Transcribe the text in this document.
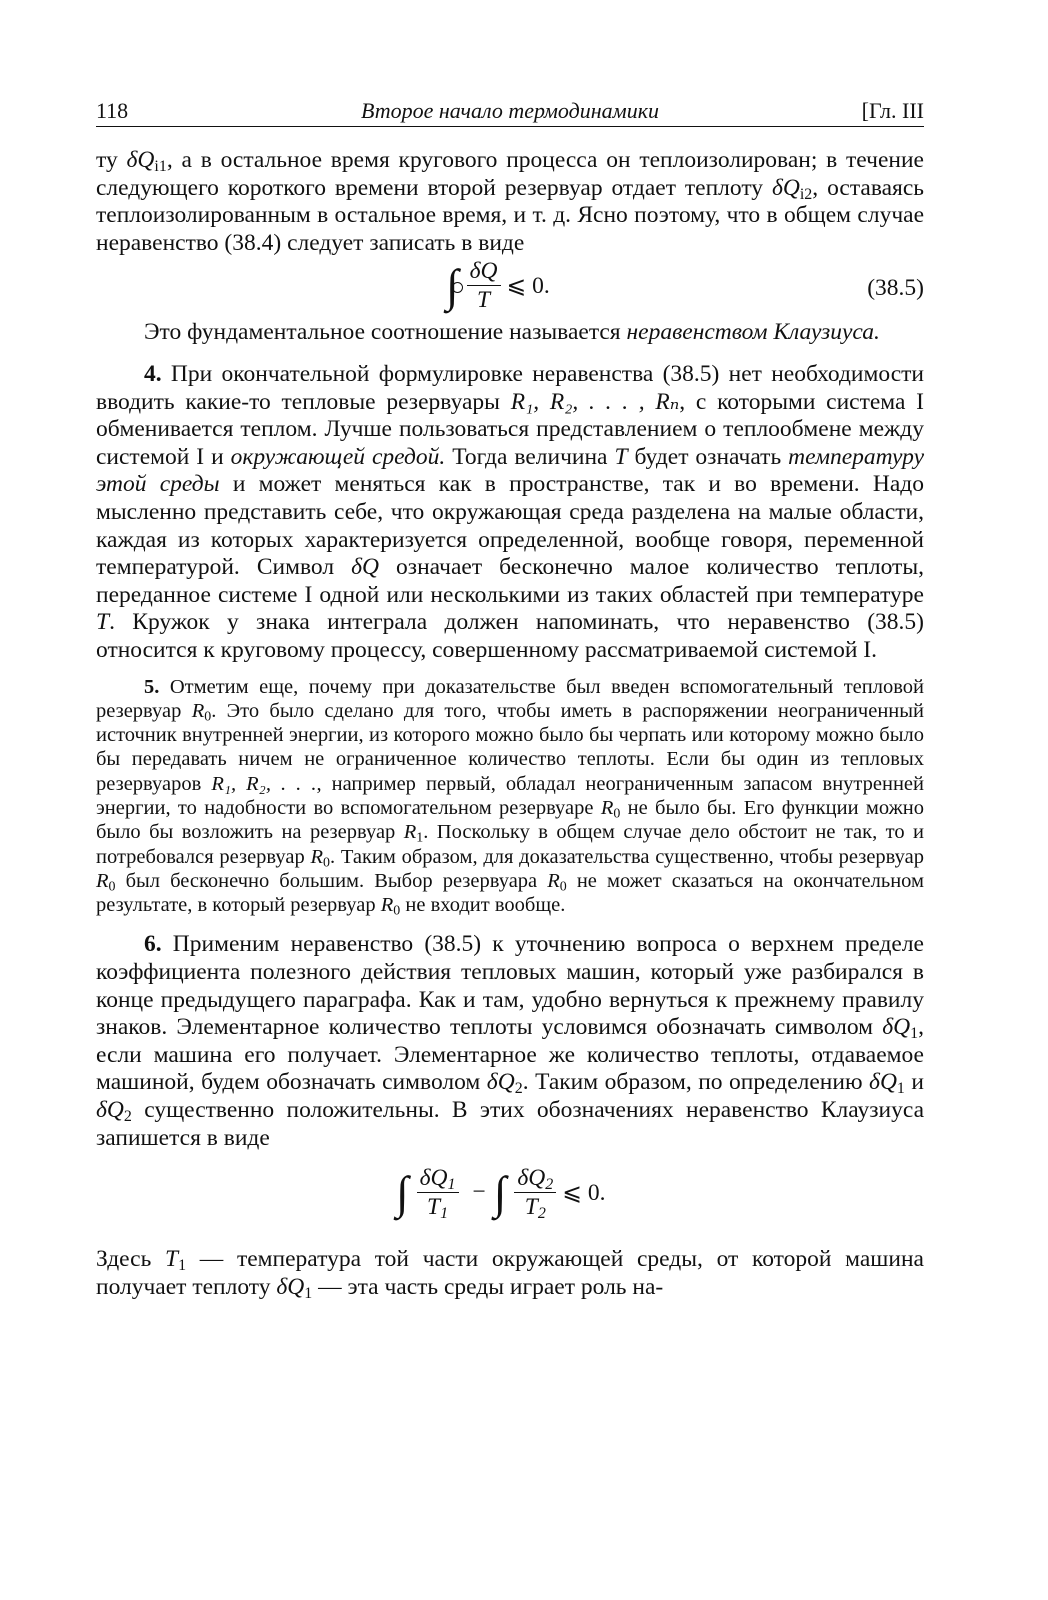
118	Второе начало термодинамики	[Гл. III

ту $\delta Q_{i1}$, а в остальное время кругового процесса он теплоизолирован; в течение следующего короткого времени второй резервуар отдает теплоту $\delta Q_{i2}$, оставаясь теплоизолированным в остальное время, и т. д. Ясно поэтому, что в общем случае неравенство (38.4) следует записать в виде

∫ $\frac{\delta Q}{T}$ ⩽ 0.	(38.5)

Это фундаментальное соотношение называется неравенством Клаузиуса.

4. При окончательной формулировке неравенства (38.5) нет необходимости вводить какие-то тепловые резервуары R₁, R₂, . . . , Rₙ, с которыми система I обменивается теплом. Лучше пользоваться представлением о теплообмене между системой I и окружающей средой. Тогда величина T будет означать температуру этой среды и может меняться как в пространстве, так и во времени. Надо мысленно представить себе, что окружающая среда разделена на малые области, каждая из которых характеризуется определенной, вообще говоря, переменной температурой. Символ δQ означает бесконечно малое количество теплоты, переданное системе I одной или несколькими из таких областей при температуре T. Кружок у знака интеграла должен напоминать, что неравенство (38.5) относится к круговому процессу, совершенному рассматриваемой системой I.

5. Отметим еще, почему при доказательстве был введен вспомогательный тепловой резервуар $R_0$. Это было сделано для того, чтобы иметь в распоряжении неограниченный источник внутренней энергии, из которого можно было бы черпать или которому можно было бы передавать ничем не ограниченное количество теплоты. Если бы один из тепловых резервуаров R₁, R₂, . . ., например первый, обладал неограниченным запасом внутренней энергии, то надобности во вспомогательном резервуаре $R_0$ не было бы. Его функции можно было бы возложить на резервуар $R_1$. Поскольку в общем случае дело обстоит не так, то и потребовался резервуар $R_0$. Таким образом, для доказательства существенно, чтобы резервуар $R_0$ был бесконечно большим. Выбор резервуара $R_0$ не может сказаться на окончательном результате, в который резервуар $R_0$ не входит вообще.

6. Применим неравенство (38.5) к уточнению вопроса о верхнем пределе коэффициента полезного действия тепловых машин, который уже разбирался в конце предыдущего параграфа. Как и там, удобно вернуться к прежнему правилу знаков. Элементарное количество теплоты условимся обозначать символом $\delta Q_1$, если машина его получает. Элементарное же количество теплоты, отдаваемое машиной, будем обозначать символом $\delta Q_2$. Таким образом, по определению $\delta Q_1$ и $\delta Q_2$ существенно положительны. В этих обозначениях неравенство Клаузиуса запишется в виде

∫ $\frac{\delta Q_1}{T_1}$ − ∫ $\frac{\delta Q_2}{T_2}$ ⩽ 0.

Здесь $T_1$ — температура той части окружающей среды, от которой машина получает теплоту $\delta Q_1$ — эта часть среды играет роль на-
